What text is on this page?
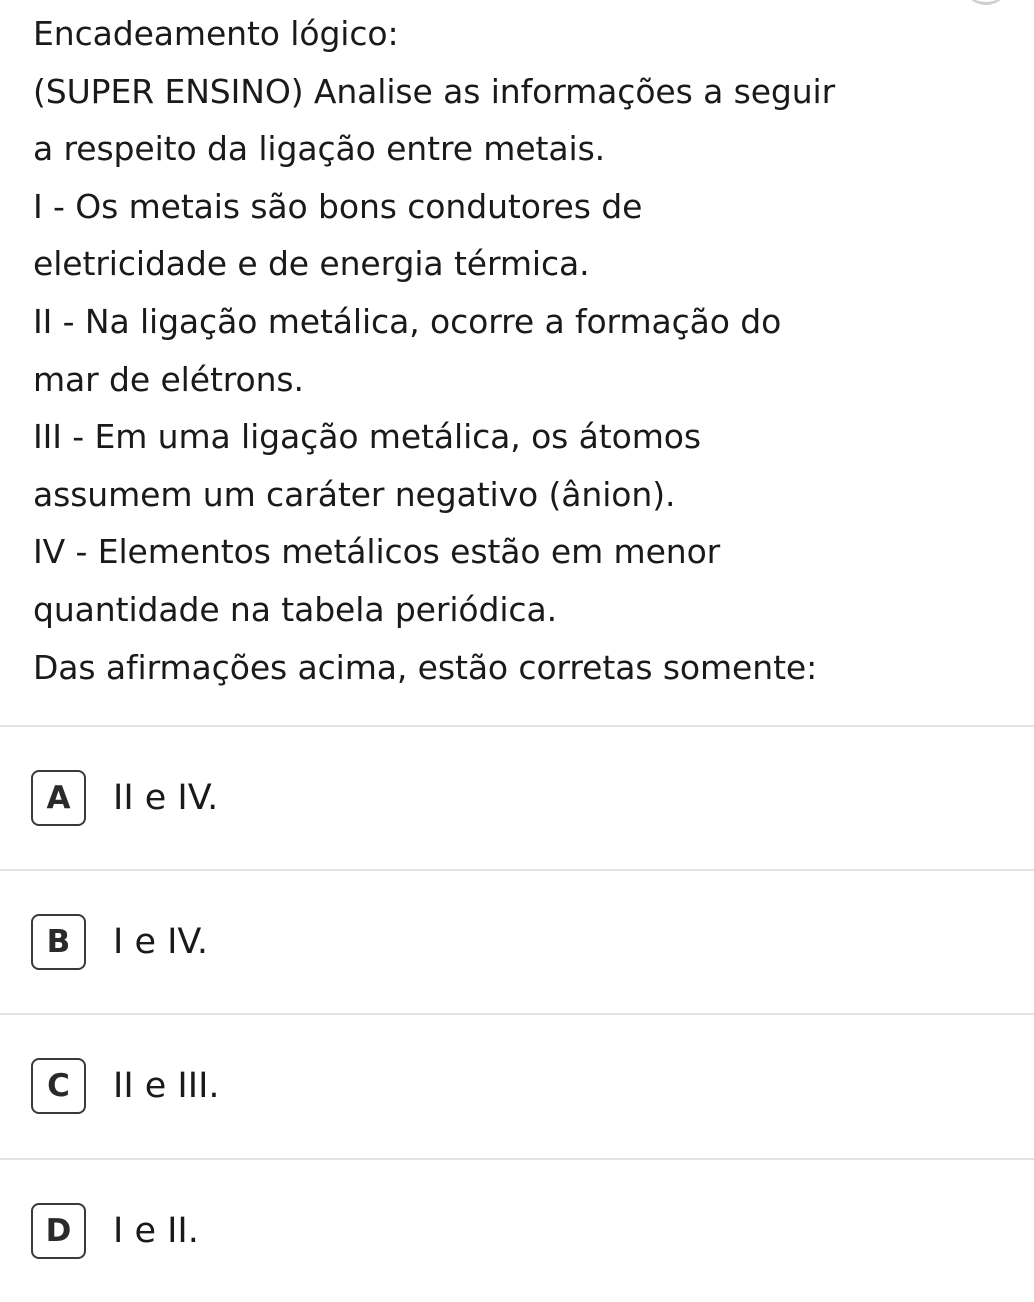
Encadeamento lógico:
(SUPER ENSINO) Analise as informações a seguir
a respeito da ligação entre metais.
I - Os metais são bons condutores de
eletricidade e de energia térmica.
II - Na ligação metálica, ocorre a formação do
mar de elétrons.
III - Em uma ligação metálica, os átomos
assumem um caráter negativo (ânion).
IV - Elementos metálicos estão em menor
quantidade na tabela periódica.
Das afirmações acima, estão corretas somente:
A	II e IV.
B	I e IV.
C	II e III.
D	I e II.
